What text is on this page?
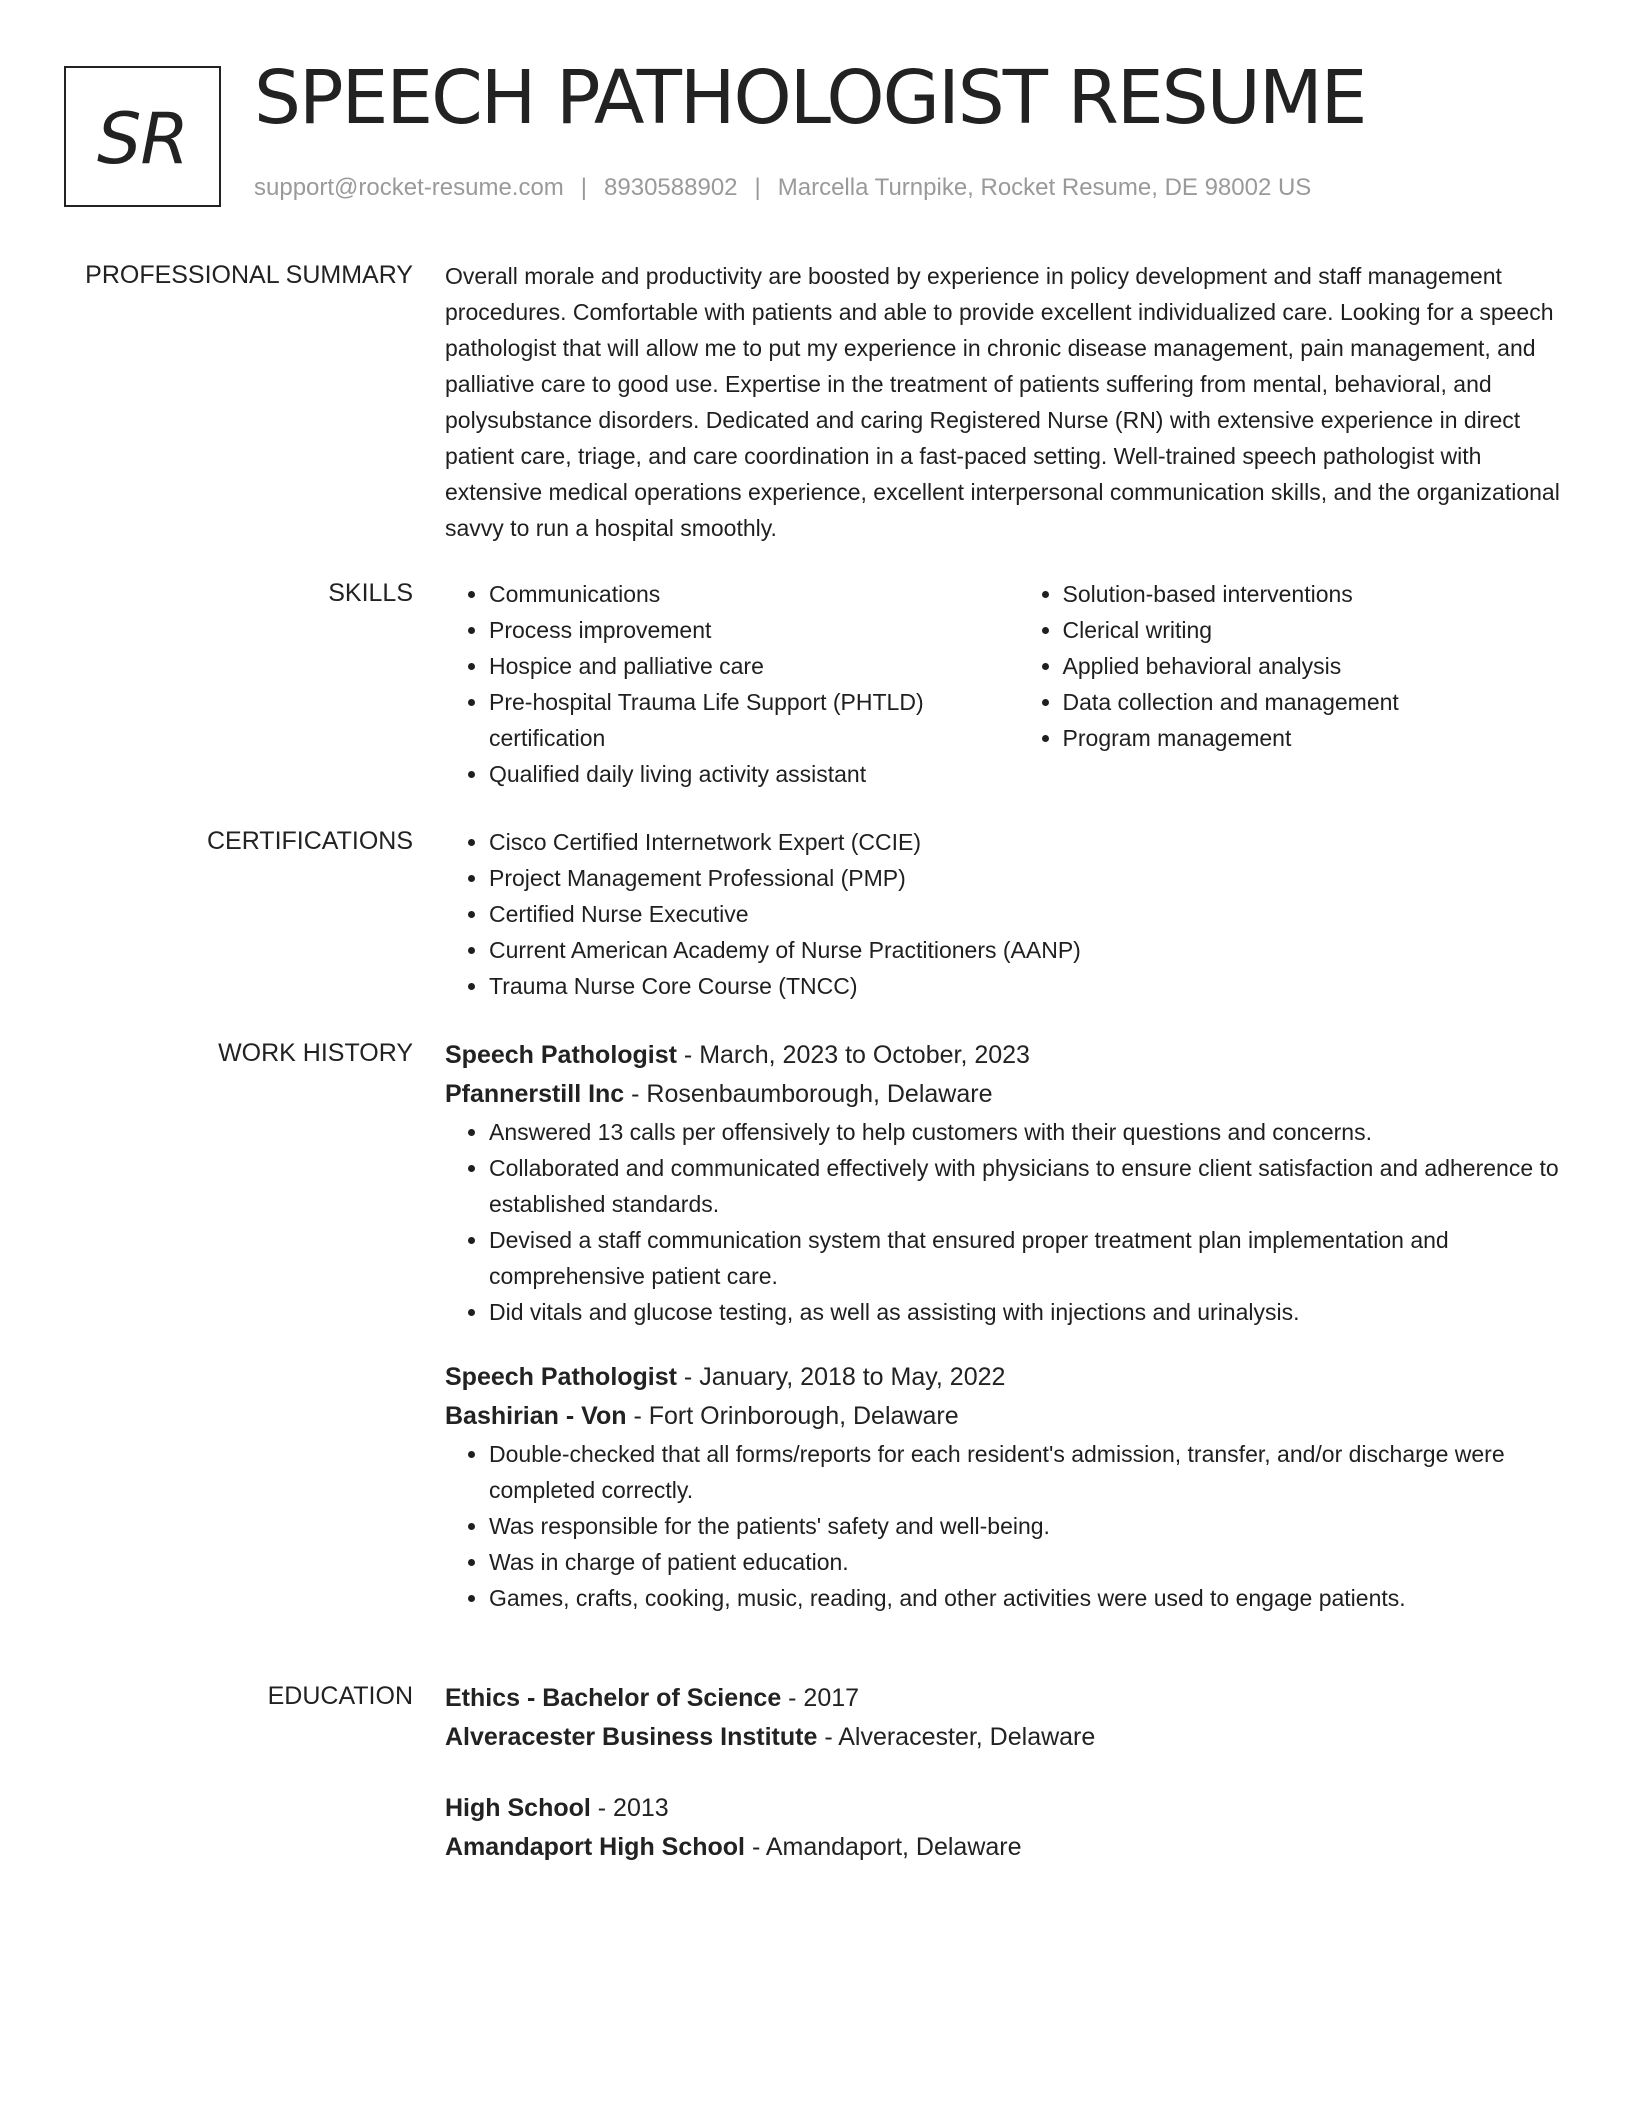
SR SPEECH PATHOLOGIST RESUME
support@rocket-resume.com | 8930588902 | Marcella Turnpike, Rocket Resume, DE 98002 US
PROFESSIONAL SUMMARY Overall morale and productivity are boosted by experience in policy development and staff management procedures. Comfortable with patients and able to provide excellent individualized care. Looking for a speech pathologist that will allow me to put my experience in chronic disease management, pain management, and palliative care to good use. Expertise in the treatment of patients suffering from mental, behavioral, and polysubstance disorders. Dedicated and caring Registered Nurse (RN) with extensive experience in direct patient care, triage, and care coordination in a fast-paced setting. Well-trained speech pathologist with extensive medical operations experience, excellent interpersonal communication skills, and the organizational savvy to run a hospital smoothly.

SKILLS	• Communications
• Process improvement
• Hospice and palliative care
• Pre-hospital Trauma Life Support (PHTLD) certification
• Qualified daily living activity assistant
• Solution-based interventions
• Clerical writing
• Applied behavioral analysis
• Data collection and management
• Program management
CERTIFICATIONS	• Cisco Certified Internetwork Expert (CCIE)
• Project Management Professional (PMP)
• Certified Nurse Executive
• Current American Academy of Nurse Practitioners (AANP)
• Trauma Nurse Core Course (TNCC)
WORK HISTORY Speech Pathologist - March, 2023 to October, 2023
Pfannerstill Inc - Rosenbaumborough, Delaware
• Answered 13 calls per offensively to help customers with their questions and concerns.
• Collaborated and communicated effectively with physicians to ensure client satisfaction and adherence to established standards.
• Devised a staff communication system that ensured proper treatment plan implementation and comprehensive patient care.
• Did vitals and glucose testing, as well as assisting with injections and urinalysis.
Speech Pathologist - January, 2018 to May, 2022
Bashirian - Von - Fort Orinborough, Delaware
• Double-checked that all forms/reports for each resident's admission, transfer, and/or discharge were completed correctly.
• Was responsible for the patients' safety and well-being.
• Was in charge of patient education.
• Games, crafts, cooking, music, reading, and other activities were used to engage patients.
EDUCATION Ethics - Bachelor of Science - 2017
Alveracester Business Institute - Alveracester, Delaware
High School - 2013
Amandaport High School - Amandaport, Delaware
